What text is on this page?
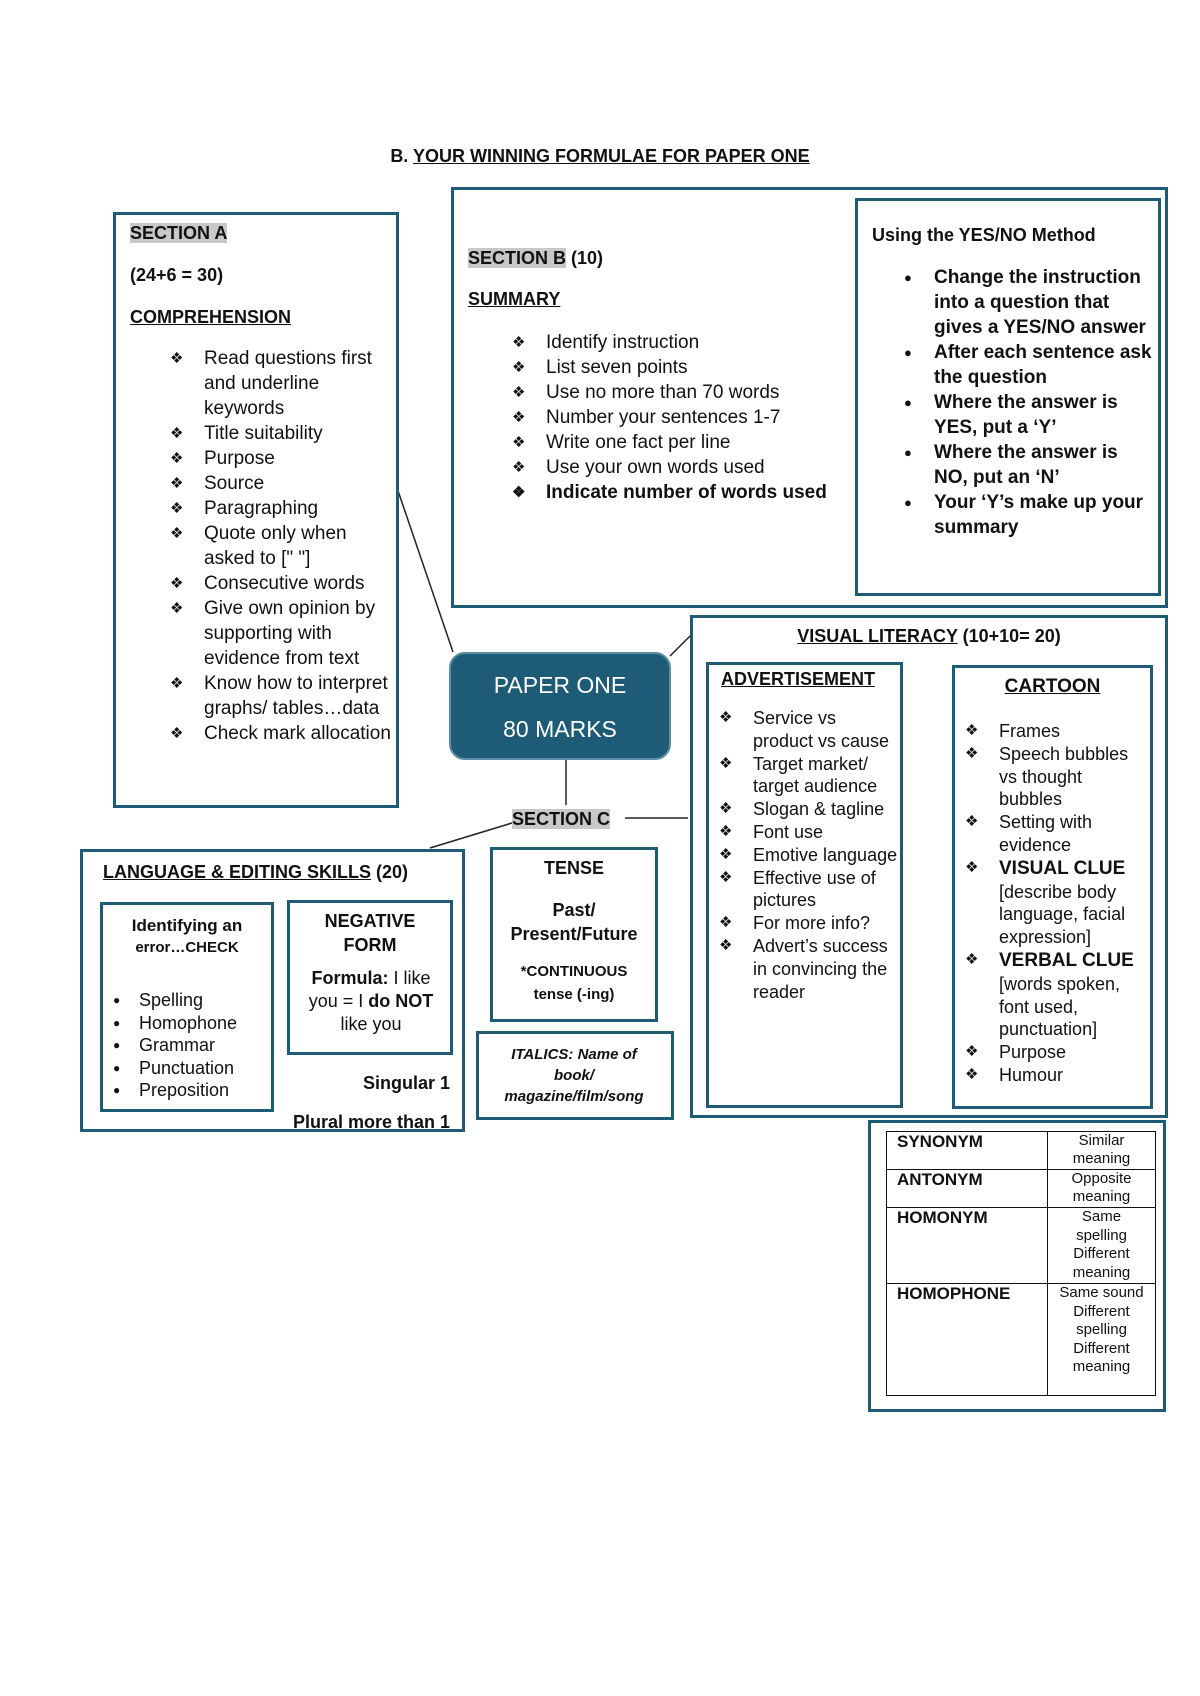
B. YOUR WINNING FORMULAE FOR PAPER ONE
SECTION A
(24+6 = 30)
COMPREHENSION
❖ Read questions first and underline keywords
❖ Title suitability
❖ Purpose
❖ Source
❖ Paragraphing
❖ Quote only when asked to [" "]
❖ Consecutive words
❖ Give own opinion by supporting with evidence from text
❖ Know how to interpret graphs/ tables…data
❖ Check mark allocation
SECTION B (10)
SUMMARY
❖ Identify instruction
❖ List seven points
❖ Use no more than 70 words
❖ Number your sentences 1-7
❖ Write one fact per line
❖ Use your own words used
❖ Indicate number of words used
Using the YES/NO Method
● Change the instruction into a question that gives a YES/NO answer
● After each sentence ask the question
● Where the answer is YES, put a ‘Y’
● Where the answer is NO, put an ‘N’
● Your ‘Y’s make up your summary
PAPER ONE
80 MARKS
VISUAL LITERACY (10+10= 20)
ADVERTISEMENT
❖ Service vs product vs cause
❖ Target market/ target audience
❖ Slogan & tagline
❖ Font use
❖ Emotive language
❖ Effective use of pictures
❖ For more info?
❖ Advert’s success in convincing the reader
CARTOON
❖ Frames
❖ Speech bubbles vs thought bubbles
❖ Setting with evidence
❖ VISUAL CLUE [describe body language, facial expression]
❖ VERBAL CLUE [words spoken, font used, punctuation]
❖ Purpose
❖ Humour
SECTION C
LANGUAGE & EDITING SKILLS (20)
Identifying an
error…CHECK
● Spelling
● Homophone
● Grammar
● Punctuation
● Preposition
NEGATIVE
FORM
Formula: I like you = I do NOT like you
Singular 1
Plural more than 1
TENSE
Past/ Present/Future
*CONTINUOUS
tense (-ing)
ITALICS: Name of book/ magazine/film/song
SYNONYM	Similar meaning
ANTONYM	Opposite meaning
HOMONYM	Same spelling Different meaning
HOMOPHONE	Same sound Different spelling Different meaning
